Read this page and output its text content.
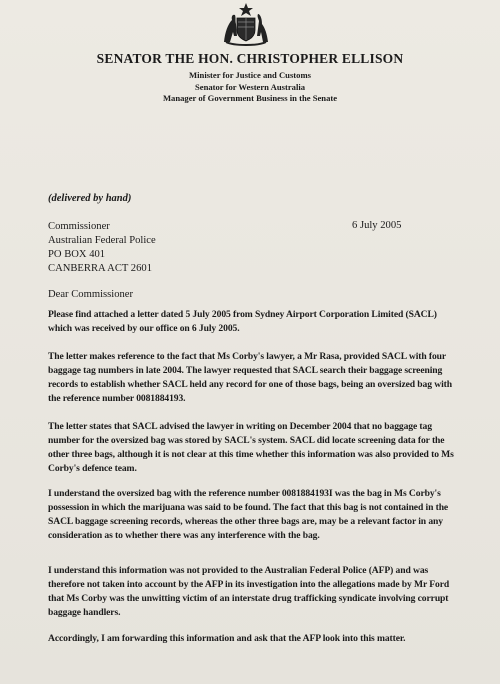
SENATOR THE HON. CHRISTOPHER ELLISON
Minister for Justice and Customs
Senator for Western Australia
Manager of Government Business in the Senate
(delivered by hand)
Commissioner
Australian Federal Police
PO BOX 401
CANBERRA ACT 2601
6 July 2005
Dear Commissioner
Please find attached a letter dated 5 July 2005 from Sydney Airport Corporation Limited (SACL) which was received by our office on 6 July 2005.
The letter makes reference to the fact that Ms Corby's lawyer, a Mr Rasa, provided SACL with four baggage tag numbers in late 2004. The lawyer requested that SACL search their baggage screening records to establish whether SACL held any record for one of those bags, being an oversized bag with the reference number 0081884193.
The letter states that SACL advised the lawyer in writing on December 2004 that no baggage tag number for the oversized bag was stored by SACL's system. SACL did locate screening data for the other three bags, although it is not clear at this time whether this information was also provided to Ms Corby's defence team.
I understand the oversized bag with the reference number 0081884193I was the bag in Ms Corby's possession in which the marijuana was said to be found. The fact that this bag is not contained in the SACL baggage screening records, whereas the other three bags are, may be a relevant factor in any consideration as to whether there was any interference with the bag.
I understand this information was not provided to the Australian Federal Police (AFP) and was therefore not taken into account by the AFP in its investigation into the allegations made by Mr Ford that Ms Corby was the unwitting victim of an interstate drug trafficking syndicate involving corrupt baggage handlers.
Accordingly, I am forwarding this information and ask that the AFP look into this matter.
